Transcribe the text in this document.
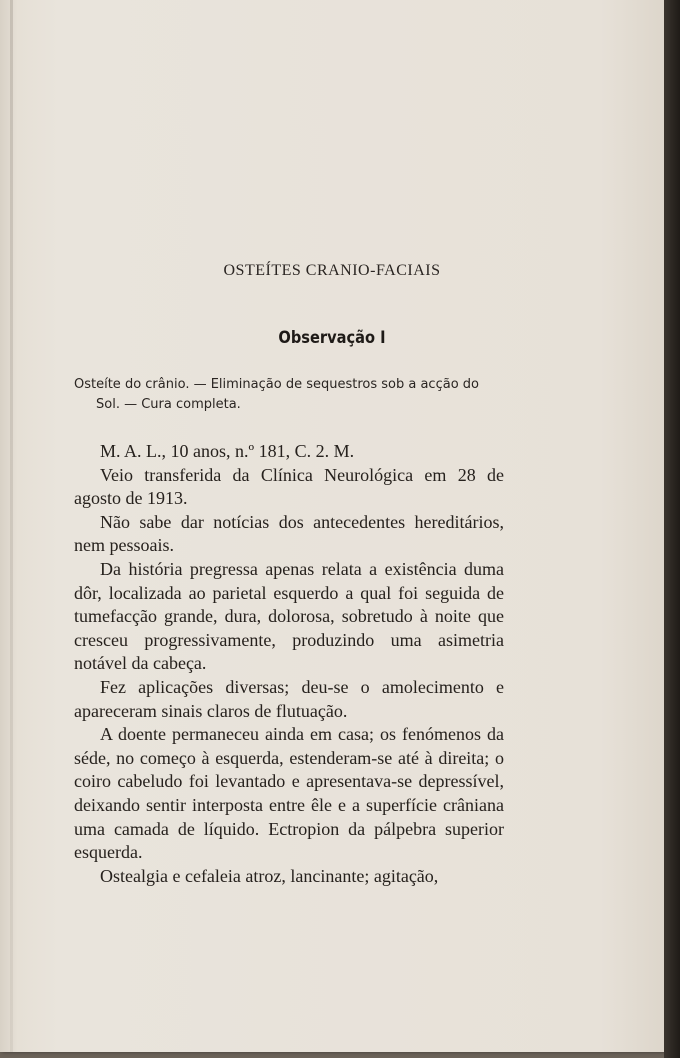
OSTEÍTES CRANIO-FACIAIS
Observação I
Osteíte do crânio. — Eliminação de sequestros sob a acção do
Sol. — Cura completa.

M. A. L., 10 anos, n.º 181, C. 2. M.

Veio transferida da Clínica Neurológica em 28 de agosto de 1913.

Não sabe dar notícias dos antecedentes hereditários, nem pessoais.

Da história pregressa apenas relata a existência duma dôr, localizada ao parietal esquerdo a qual foi seguida de tumefacção grande, dura, dolorosa, sobretudo à noite que cresceu progressivamente, produzindo uma asimetria notável da cabeça.

Fez aplicações diversas; deu-se o amolecimento e apareceram sinais claros de flutuação.

A doente permaneceu ainda em casa; os fenómenos da séde, no começo à esquerda, estenderam-se até à direita; o coiro cabeludo foi levantado e apresentava-se depressível, deixando sentir interposta entre êle e a superfície crâniana uma camada de líquido. Ectropion da pálpebra superior esquerda.

Ostealgia e cefaleia atroz, lancinante; agitação,
